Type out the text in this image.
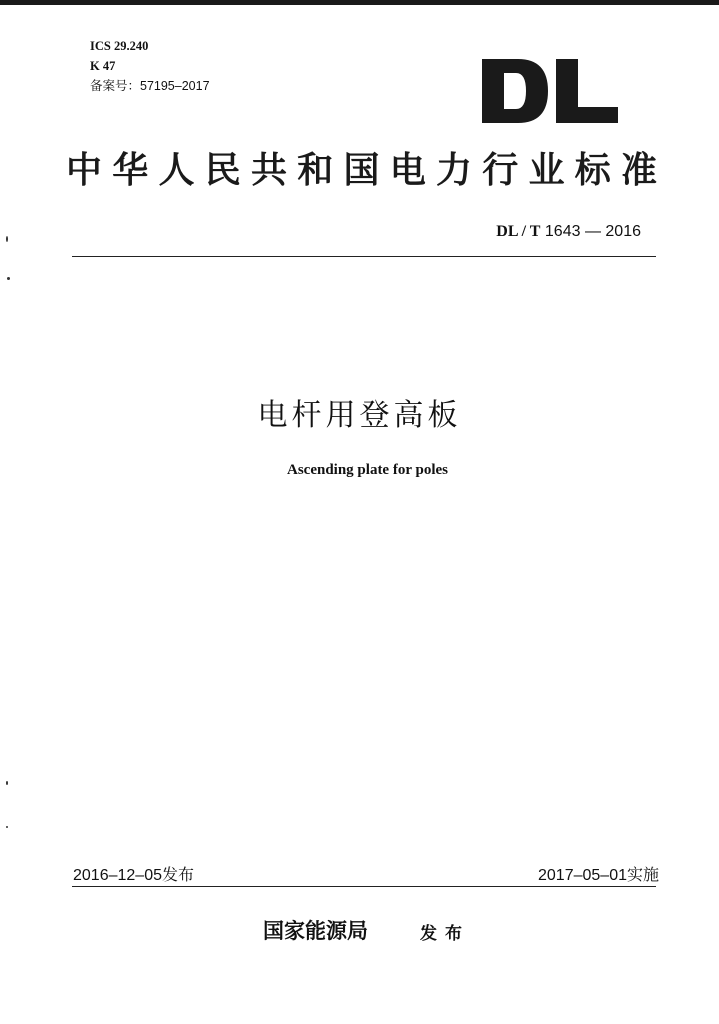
ICS 29.240
K 47
备案号：57195–2017
中华人民共和国电力行业标准
DL / T 1643 — 2016
电杆用登高板
Ascending plate for poles
2016–12–05发布	2017–05–01实施
国家能源局	发布
